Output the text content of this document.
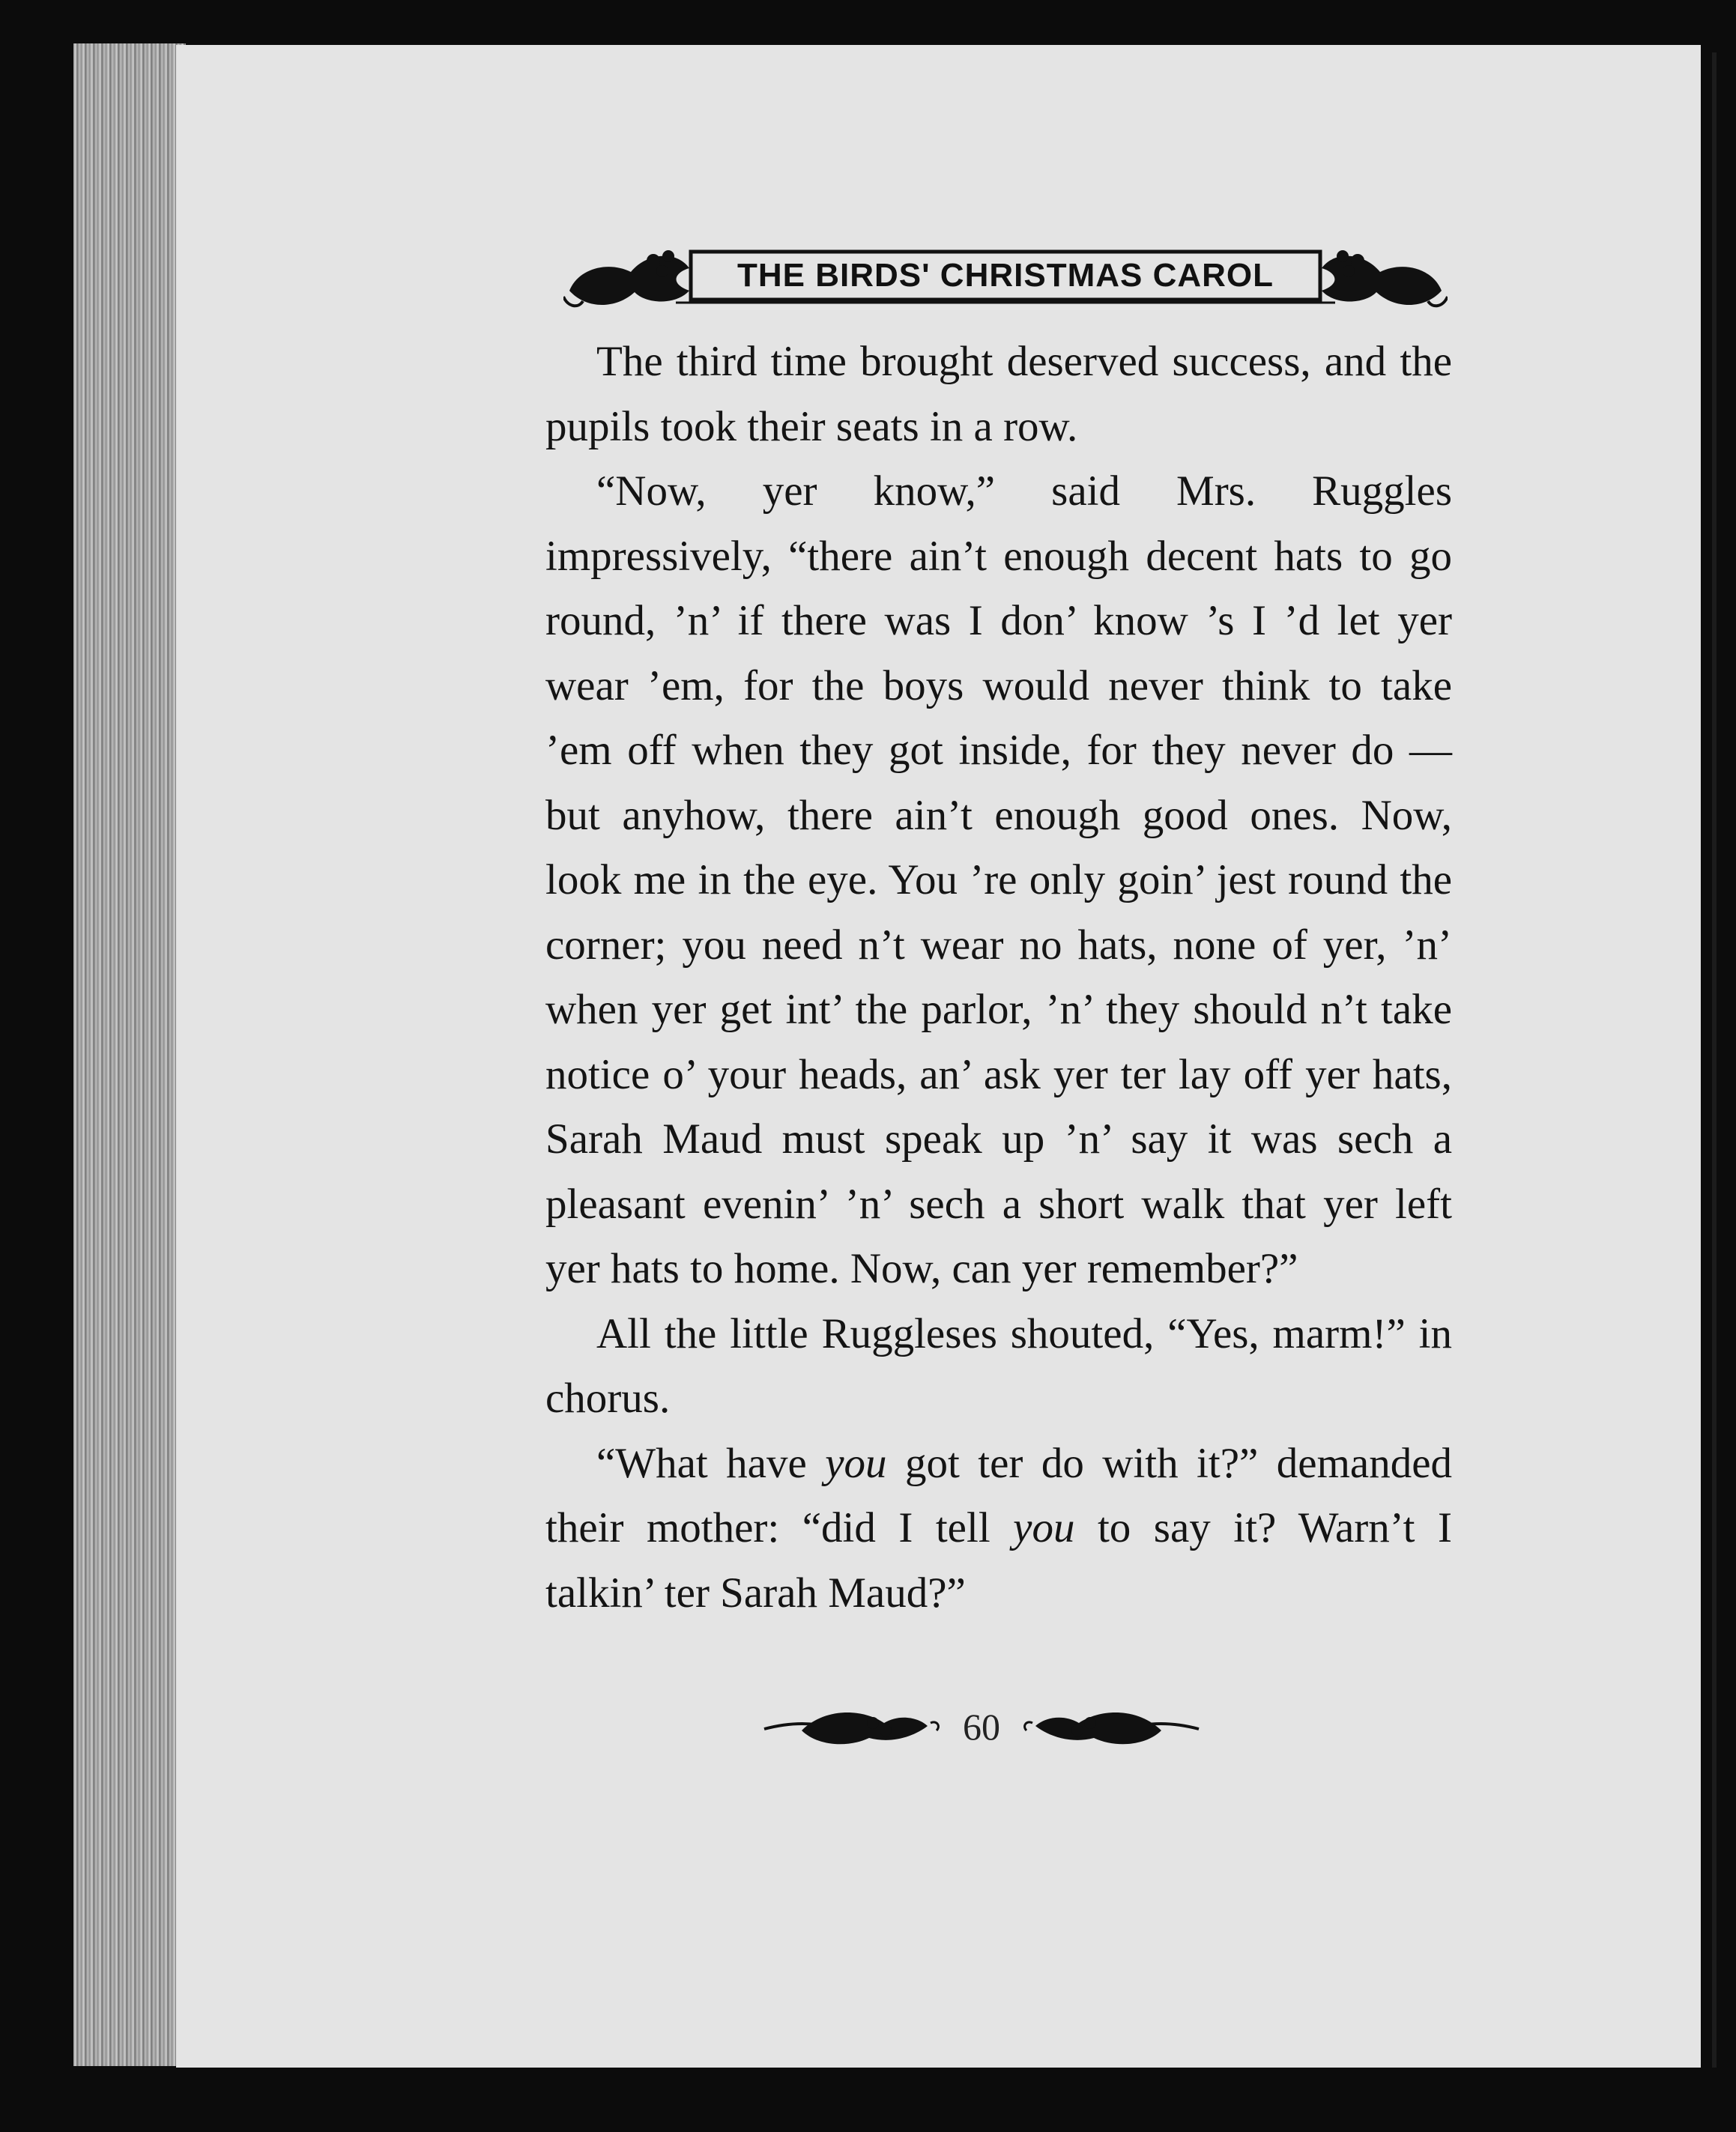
THE BIRDS' CHRISTMAS CAROL

The third time brought deserved success, and the pupils took their seats in a row.

“Now, yer know,” said Mrs. Ruggles impressively, “there ain’t enough decent hats to go round, ’n’ if there was I don’ know ’s I ’d let yer wear ’em, for the boys would never think to take ’em off when they got inside, for they never do — but anyhow, there ain’t enough good ones. Now, look me in the eye. You ’re only goin’ jest round the corner; you need n’t wear no hats, none of yer, ’n’ when yer get int’ the parlor, ’n’ they should n’t take notice o’ your heads, an’ ask yer ter lay off yer hats, Sarah Maud must speak up ’n’ say it was sech a pleasant evenin’ ’n’ sech a short walk that yer left yer hats to home. Now, can yer remember?”

All the little Ruggleses shouted, “Yes, marm!” in chorus.

“What have you got ter do with it?” demanded their mother: “did I tell you to say it? Warn’t I talkin’ ter Sarah Maud?”

60
